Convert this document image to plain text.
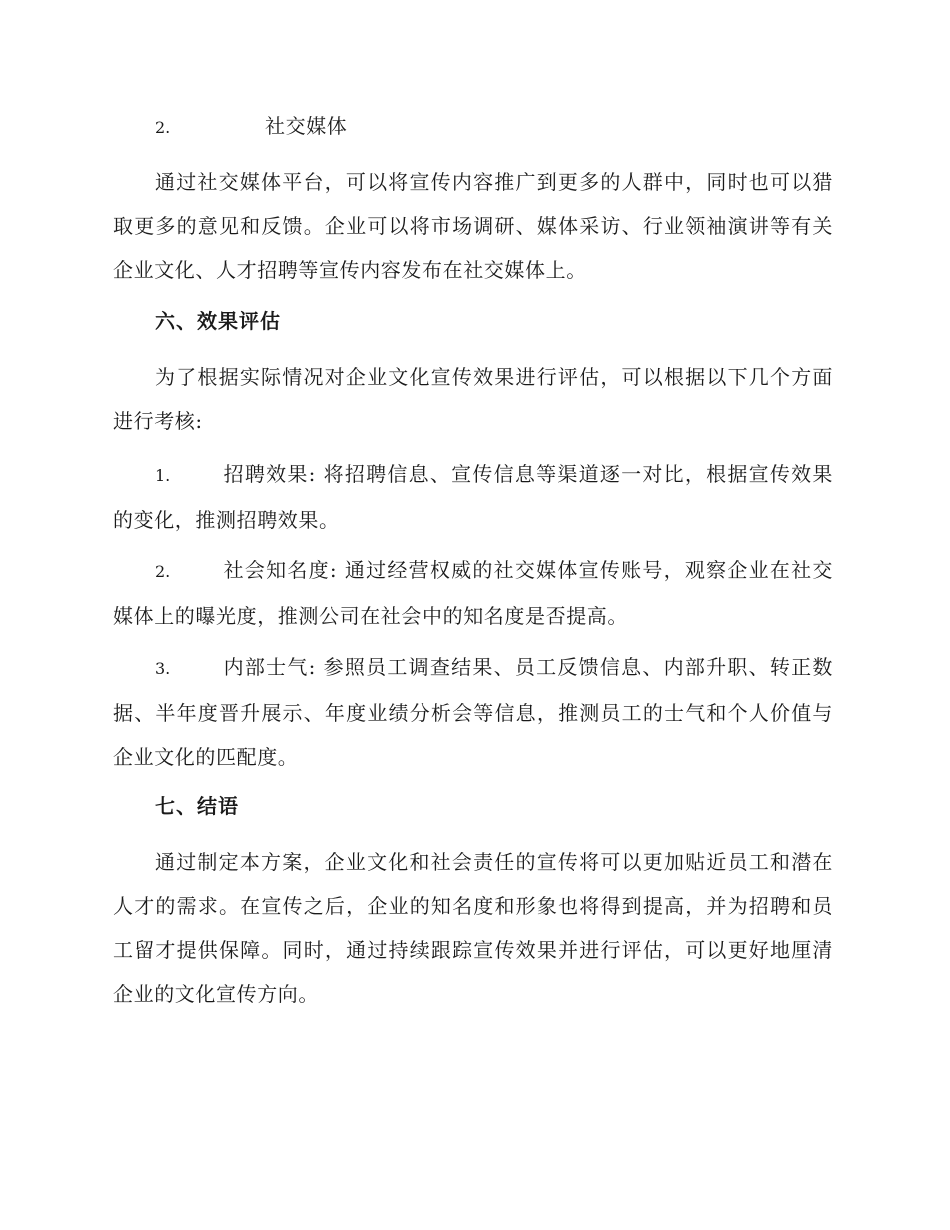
2.	社交媒体
通过社交媒体平台，可以将宣传内容推广到更多的人群中，同时也可以猎取更多的意见和反馈。企业可以将市场调研、媒体采访、行业领袖演讲等有关企业文化、人才招聘等宣传内容发布在社交媒体上。
六、效果评估
为了根据实际情况对企业文化宣传效果进行评估，可以根据以下几个方面进行考核:
1.	招聘效果: 将招聘信息、宣传信息等渠道逐一对比，根据宣传效果的变化，推测招聘效果。
2.	社会知名度: 通过经营权威的社交媒体宣传账号，观察企业在社交媒体上的曝光度，推测公司在社会中的知名度是否提高。
3.	内部士气: 参照员工调查结果、员工反馈信息、内部升职、转正数据、半年度晋升展示、年度业绩分析会等信息，推测员工的士气和个人价值与企业文化的匹配度。
七、结语
通过制定本方案，企业文化和社会责任的宣传将可以更加贴近员工和潜在人才的需求。在宣传之后，企业的知名度和形象也将得到提高，并为招聘和员工留才提供保障。同时，通过持续跟踪宣传效果并进行评估，可以更好地厘清企业的文化宣传方向。
